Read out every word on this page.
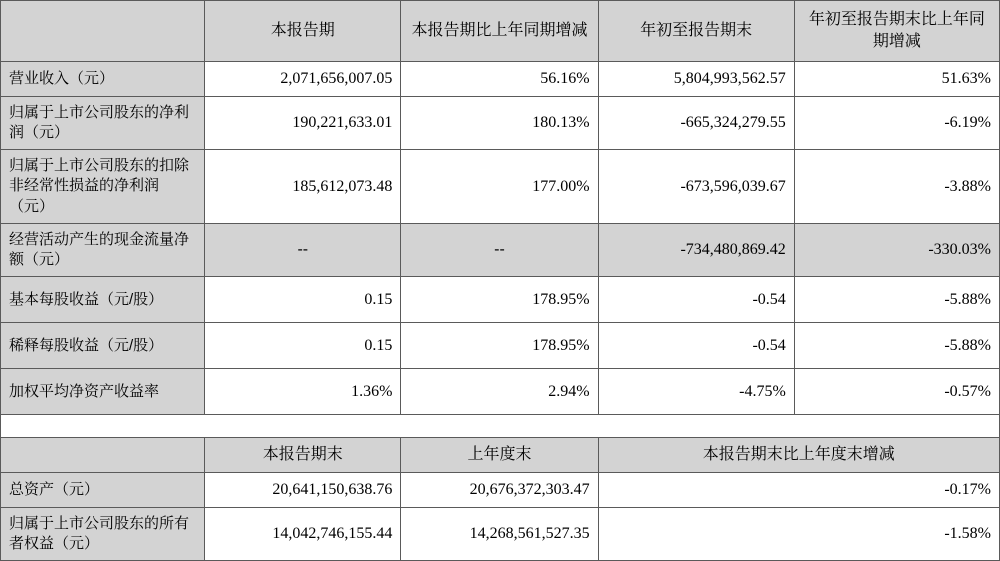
	本报告期	本报告期比上年同期增减	年初至报告期末	年初至报告期末比上年同期增减
营业收入（元）	2,071,656,007.05	56.16%	5,804,993,562.57	51.63%
归属于上市公司股东的净利润（元）	190,221,633.01	180.13%	-665,324,279.55	-6.19%
归属于上市公司股东的扣除非经常性损益的净利润（元）	185,612,073.48	177.00%	-673,596,039.67	-3.88%
经营活动产生的现金流量净额（元）	--	--	-734,480,869.42	-330.03%
基本每股收益（元/股）	0.15	178.95%	-0.54	-5.88%
稀释每股收益（元/股）	0.15	178.95%	-0.54	-5.88%
加权平均净资产收益率	1.36%	2.94%	-4.75%	-0.57%

	本报告期末	上年度末	本报告期末比上年度末增减	
总资产（元）	20,641,150,638.76	20,676,372,303.47	-0.17%	
归属于上市公司股东的所有者权益（元）	14,042,746,155.44	14,268,561,527.35	-1.58%	
